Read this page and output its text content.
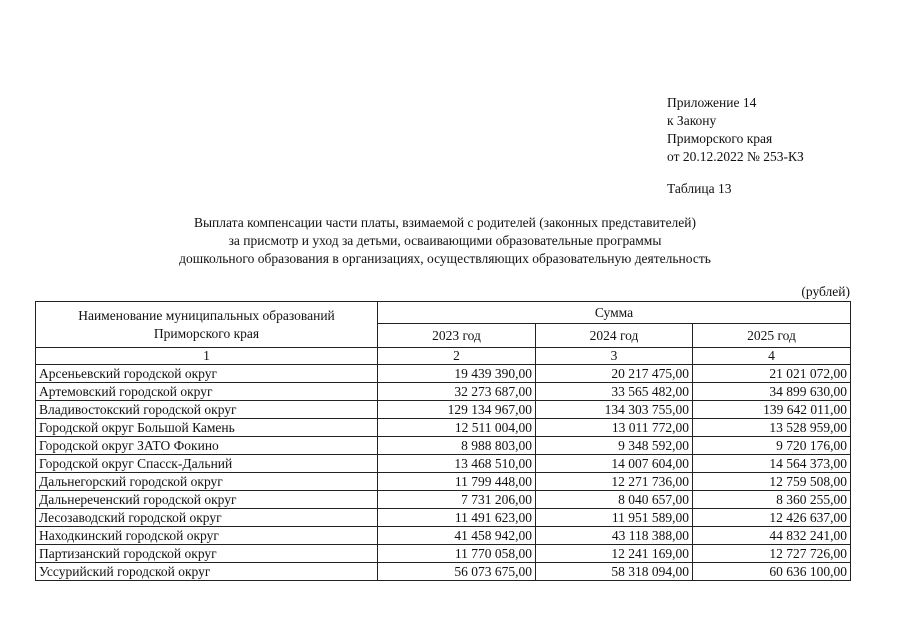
Приложение 14
к Закону
Приморского края
от 20.12.2022 № 253-КЗ
Таблица 13
Выплата компенсации части платы, взимаемой с родителей (законных представителей)
за присмотр и уход за детьми, осваивающими образовательные программы
дошкольного образования в организациях, осуществляющих образовательную деятельность
(рублей)
Наименование муниципальных образований
Приморского края	Сумма		
	2023 год	2024 год	2025 год
1	2	3	4
Арсеньевский городской округ	19 439 390,00	20 217 475,00	21 021 072,00
Артемовский городской округ	32 273 687,00	33 565 482,00	34 899 630,00
Владивостокский городской округ	129 134 967,00	134 303 755,00	139 642 011,00
Городской округ Большой Камень	12 511 004,00	13 011 772,00	13 528 959,00
Городской округ ЗАТО Фокино	8 988 803,00	9 348 592,00	9 720 176,00
Городской округ Спасск-Дальний	13 468 510,00	14 007 604,00	14 564 373,00
Дальнегорский городской округ	11 799 448,00	12 271 736,00	12 759 508,00
Дальнереченский городской округ	7 731 206,00	8 040 657,00	8 360 255,00
Лесозаводский городской округ	11 491 623,00	11 951 589,00	12 426 637,00
Находкинский городской округ	41 458 942,00	43 118 388,00	44 832 241,00
Партизанский городской округ	11 770 058,00	12 241 169,00	12 727 726,00
Уссурийский городской округ	56 073 675,00	58 318 094,00	60 636 100,00
